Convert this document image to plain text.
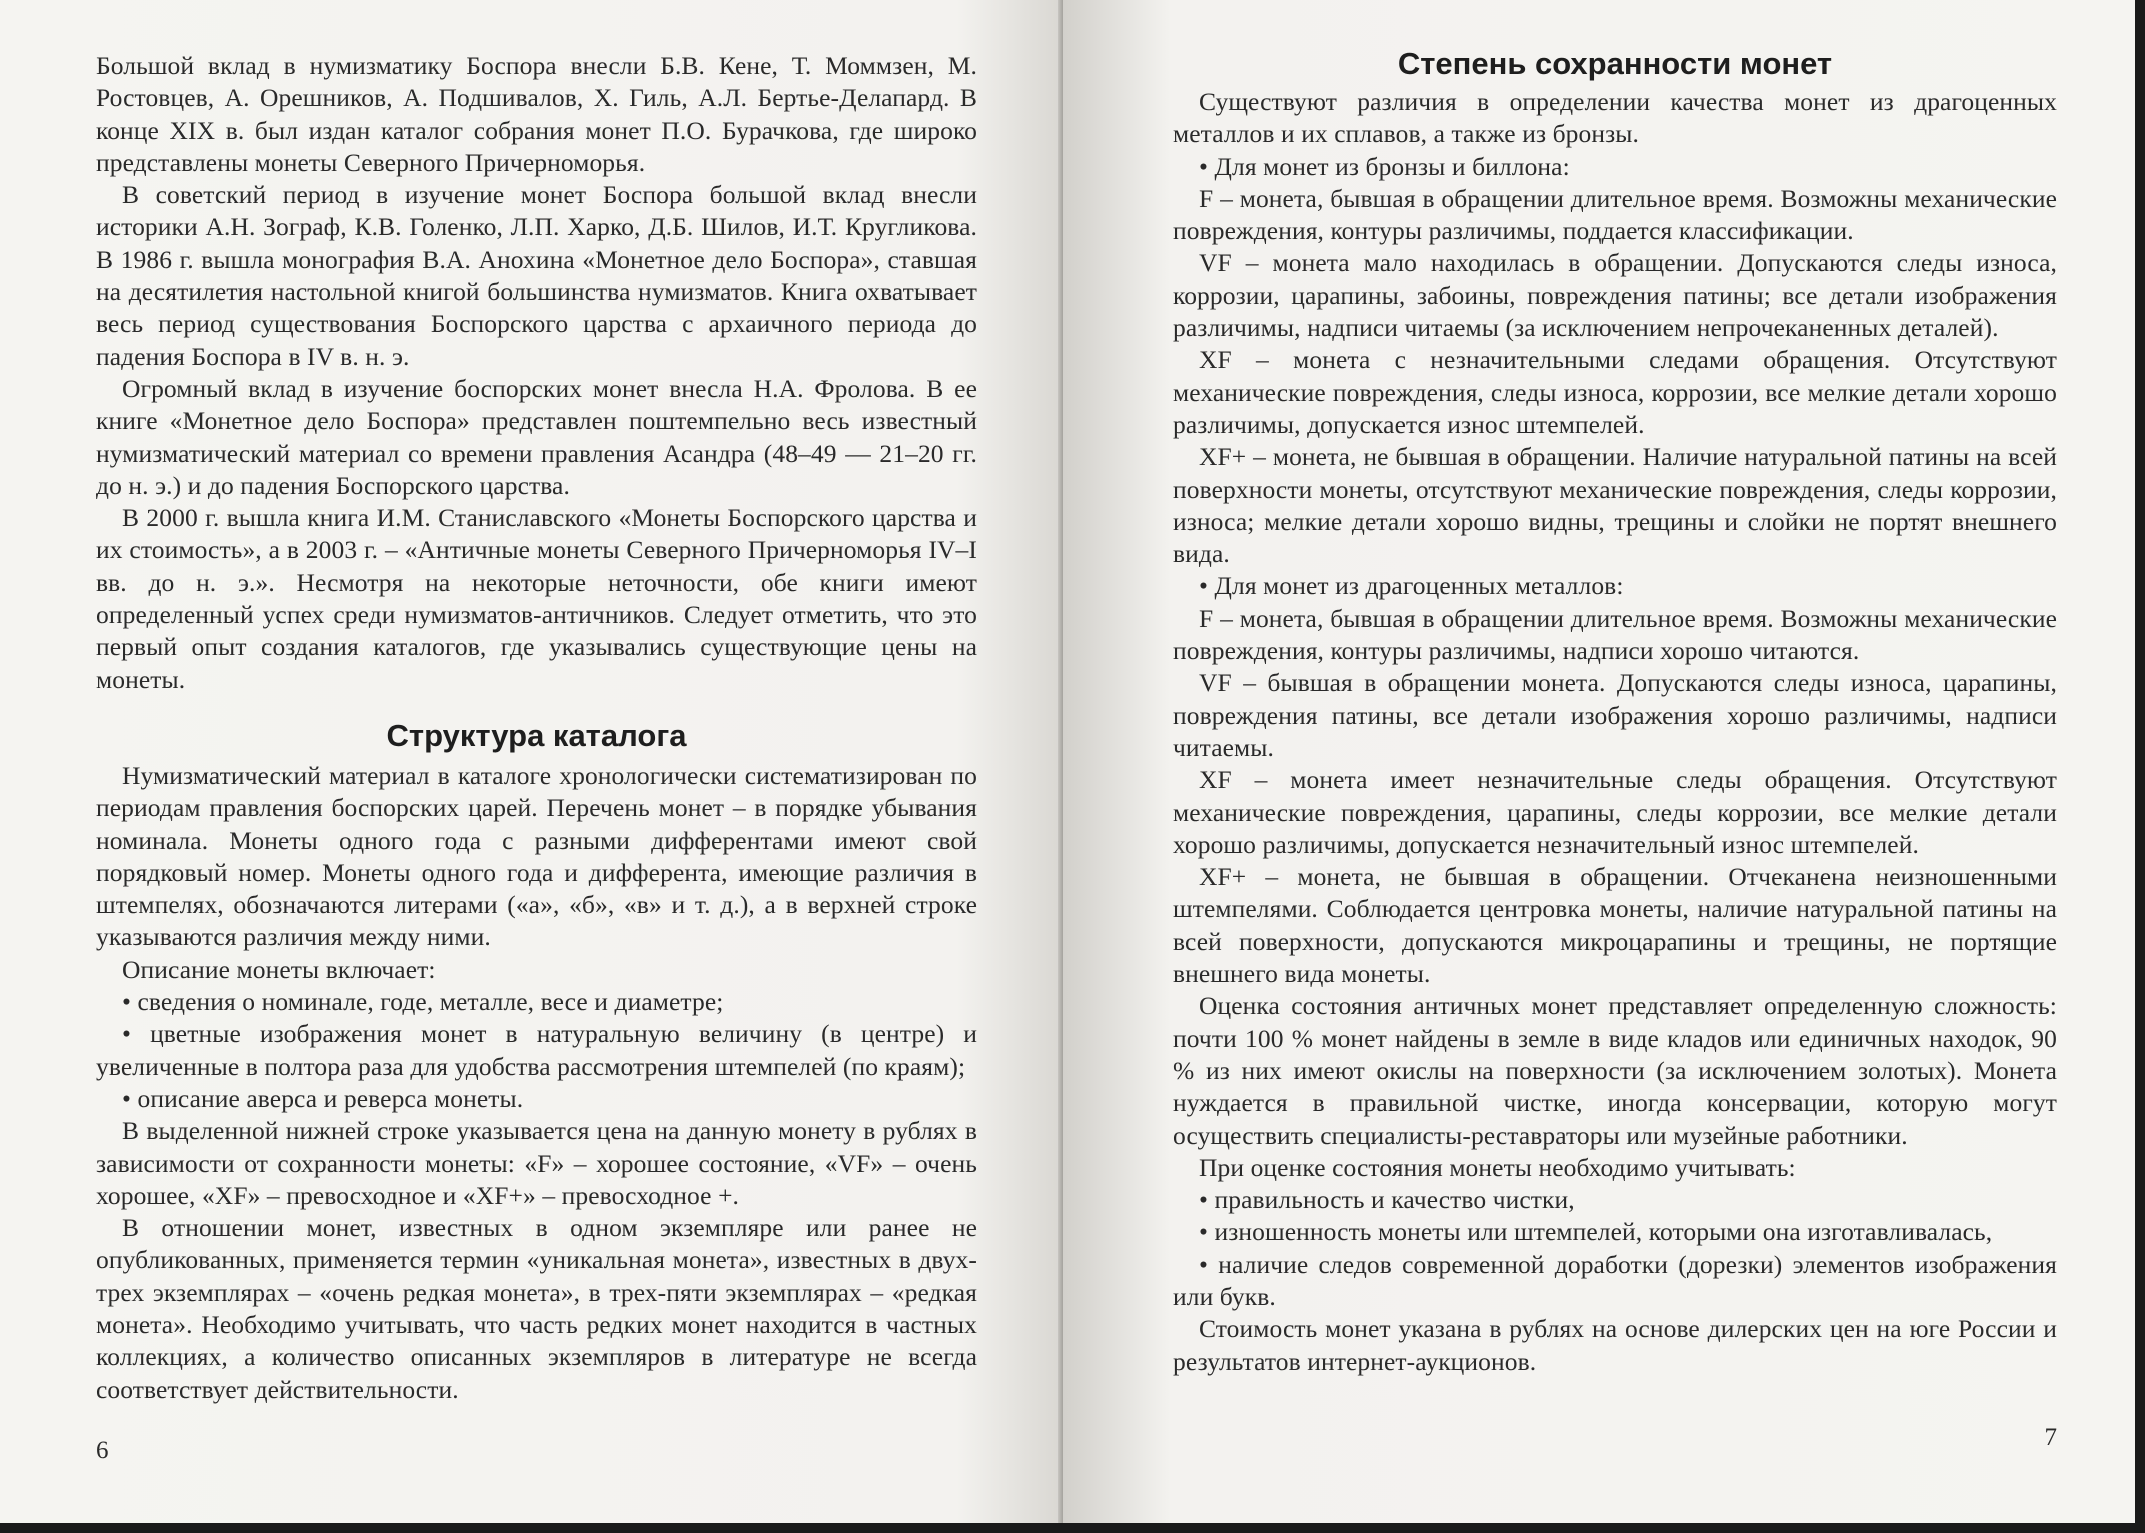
Большой вклад в нумизматику Боспора внесли Б.В. Кене, Т. Моммзен, М. Ростовцев, А. Орешников, А. Подшивалов, Х. Гиль, А.Л. Бертье-Делапард. В конце XIX в. был издан каталог собрания монет П.О. Бурачкова, где широко представлены монеты Северного Причерноморья.

В советский период в изучение монет Боспора большой вклад внесли историки А.Н. Зограф, К.В. Голенко, Л.П. Харко, Д.Б. Шилов, И.Т. Кругликова. В 1986 г. вышла монография В.А. Анохина «Монетное дело Боспора», ставшая на десятилетия настольной книгой большинства нумизматов. Книга охватывает весь период существования Боспорского царства с архаичного периода до падения Боспора в IV в. н. э.

Огромный вклад в изучение боспорских монет внесла Н.А. Фролова. В ее книге «Монетное дело Боспора» представлен поштемпельно весь известный нумизматический материал со времени правления Асандра (48–49 — 21–20 гг. до н. э.) и до падения Боспорского царства.

В 2000 г. вышла книга И.М. Станиславского «Монеты Боспорского царства и их стоимость», а в 2003 г. – «Античные монеты Северного Причерноморья IV–I вв. до н. э.». Несмотря на некоторые неточности, обе книги имеют определенный успех среди нумизматов-античников. Следует отметить, что это первый опыт создания каталогов, где указывались существующие цены на монеты.

Структура каталога

Нумизматический материал в каталоге хронологически систематизирован по периодам правления боспорских царей. Перечень монет – в порядке убывания номинала. Монеты одного года с разными дифферентами имеют свой порядковый номер. Монеты одного года и дифферента, имеющие различия в штемпелях, обозначаются литерами («а», «б», «в» и т. д.), а в верхней строке указываются различия между ними.

Описание монеты включает:

• сведения о номинале, годе, металле, весе и диаметре;

• цветные изображения монет в натуральную величину (в центре) и увеличенные в полтора раза для удобства рассмотрения штемпелей (по краям);

• описание аверса и реверса монеты.

В выделенной нижней строке указывается цена на данную монету в рублях в зависимости от сохранности монеты: «F» – хорошее состояние, «VF» – очень хорошее, «XF» – превосходное и «XF+» – превосходное +.

В отношении монет, известных в одном экземпляре или ранее не опубликованных, применяется термин «уникальная монета», известных в двух-трех экземплярах – «очень редкая монета», в трех-пяти экземплярах – «редкая монета». Необходимо учитывать, что часть редких монет находится в частных коллекциях, а количество описанных экземпляров в литературе не всегда соответствует действительности.

6
Степень сохранности монет

Существуют различия в определении качества монет из драгоценных металлов и их сплавов, а также из бронзы.

• Для монет из бронзы и биллона:

F – монета, бывшая в обращении длительное время. Возможны механические повреждения, контуры различимы, поддается классификации.

VF – монета мало находилась в обращении. Допускаются следы износа, коррозии, царапины, забоины, повреждения патины; все детали изображения различимы, надписи читаемы (за исключением непрочеканенных деталей).

XF – монета с незначительными следами обращения. Отсутствуют механические повреждения, следы износа, коррозии, все мелкие детали хорошо различимы, допускается износ штемпелей.

XF+ – монета, не бывшая в обращении. Наличие натуральной патины на всей поверхности монеты, отсутствуют механические повреждения, следы коррозии, износа; мелкие детали хорошо видны, трещины и слойки не портят внешнего вида.

• Для монет из драгоценных металлов:

F – монета, бывшая в обращении длительное время. Возможны механические повреждения, контуры различимы, надписи хорошо читаются.

VF – бывшая в обращении монета. Допускаются следы износа, царапины, повреждения патины, все детали изображения хорошо различимы, надписи читаемы.

XF – монета имеет незначительные следы обращения. Отсутствуют механические повреждения, царапины, следы коррозии, все мелкие детали хорошо различимы, допускается незначительный износ штемпелей.

XF+ – монета, не бывшая в обращении. Отчеканена неизношенными штемпелями. Соблюдается центровка монеты, наличие натуральной патины на всей поверхности, допускаются микроцарапины и трещины, не портящие внешнего вида монеты.

Оценка состояния античных монет представляет определенную сложность: почти 100 % монет найдены в земле в виде кладов или единичных находок, 90 % из них имеют окислы на поверхности (за исключением золотых). Монета нуждается в правильной чистке, иногда консервации, которую могут осуществить специалисты-реставраторы или музейные работники.

При оценке состояния монеты необходимо учитывать:

• правильность и качество чистки,

• изношенность монеты или штемпелей, которыми она изготавливалась,

• наличие следов современной доработки (дорезки) элементов изображения или букв.

Стоимость монет указана в рублях на основе дилерских цен на юге России и результатов интернет-аукционов.

7
